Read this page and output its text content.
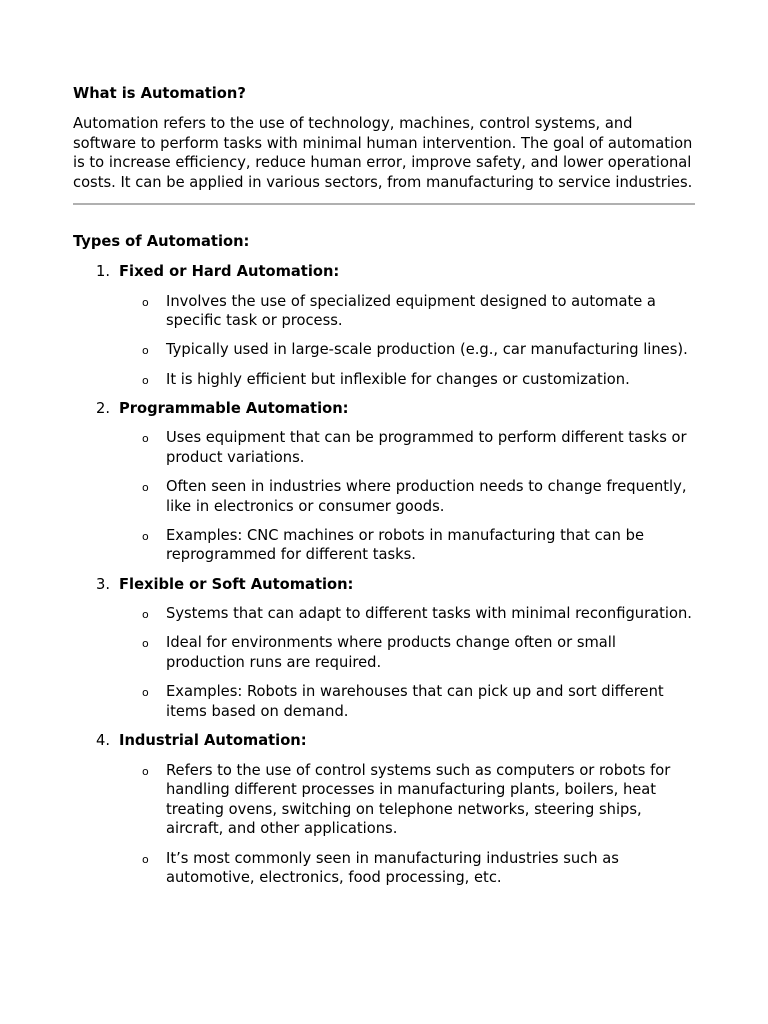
What is Automation?

Automation refers to the use of technology, machines, control systems, and software to perform tasks with minimal human intervention. The goal of automation is to increase efficiency, reduce human error, improve safety, and lower operational costs. It can be applied in various sectors, from manufacturing to service industries.

Types of Automation:
1. Fixed or Hard Automation:
o Involves the use of specialized equipment designed to automate a specific task or process.
o Typically used in large-scale production (e.g., car manufacturing lines).
o It is highly efficient but inflexible for changes or customization.
2. Programmable Automation:
o Uses equipment that can be programmed to perform different tasks or product variations.
o Often seen in industries where production needs to change frequently, like in electronics or consumer goods.
o Examples: CNC machines or robots in manufacturing that can be reprogrammed for different tasks.
3. Flexible or Soft Automation:
o Systems that can adapt to different tasks with minimal reconfiguration.
o Ideal for environments where products change often or small production runs are required.
o Examples: Robots in warehouses that can pick up and sort different items based on demand.
4. Industrial Automation:
o Refers to the use of control systems such as computers or robots for handling different processes in manufacturing plants, boilers, heat treating ovens, switching on telephone networks, steering ships, aircraft, and other applications.
o It’s most commonly seen in manufacturing industries such as automotive, electronics, food processing, etc.
